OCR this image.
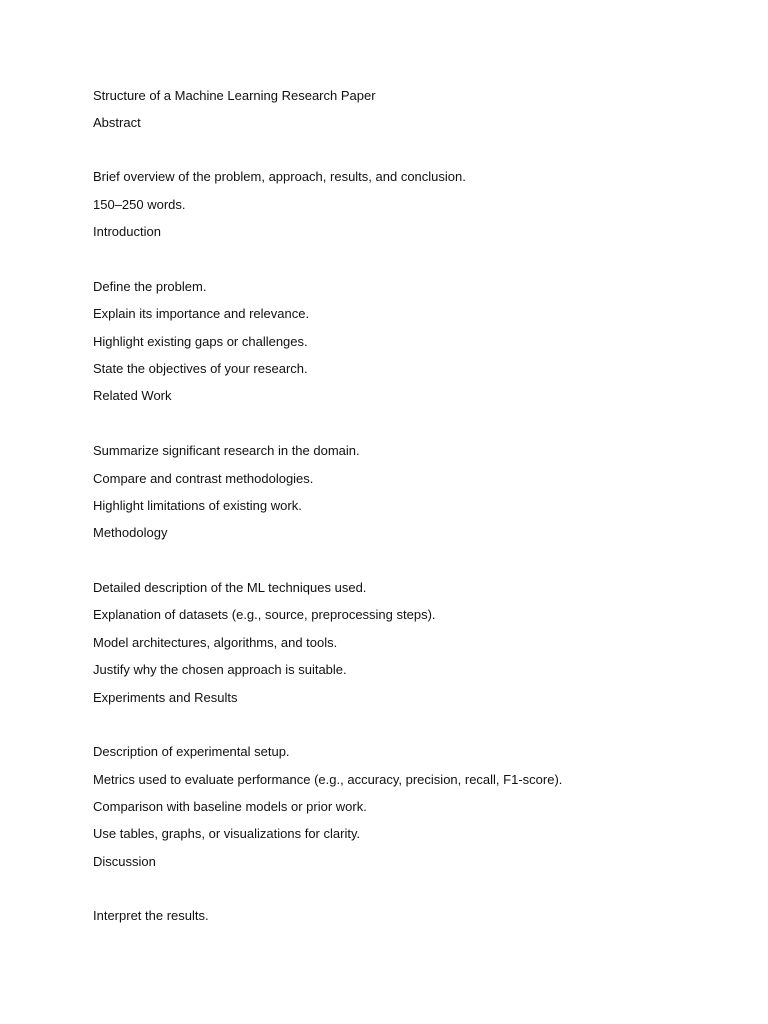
Structure of a Machine Learning Research Paper
Abstract
Brief overview of the problem, approach, results, and conclusion.
150–250 words.
Introduction
Define the problem.
Explain its importance and relevance.
Highlight existing gaps or challenges.
State the objectives of your research.
Related Work
Summarize significant research in the domain.
Compare and contrast methodologies.
Highlight limitations of existing work.
Methodology
Detailed description of the ML techniques used.
Explanation of datasets (e.g., source, preprocessing steps).
Model architectures, algorithms, and tools.
Justify why the chosen approach is suitable.
Experiments and Results
Description of experimental setup.
Metrics used to evaluate performance (e.g., accuracy, precision, recall, F1-score).
Comparison with baseline models or prior work.
Use tables, graphs, or visualizations for clarity.
Discussion
Interpret the results.
